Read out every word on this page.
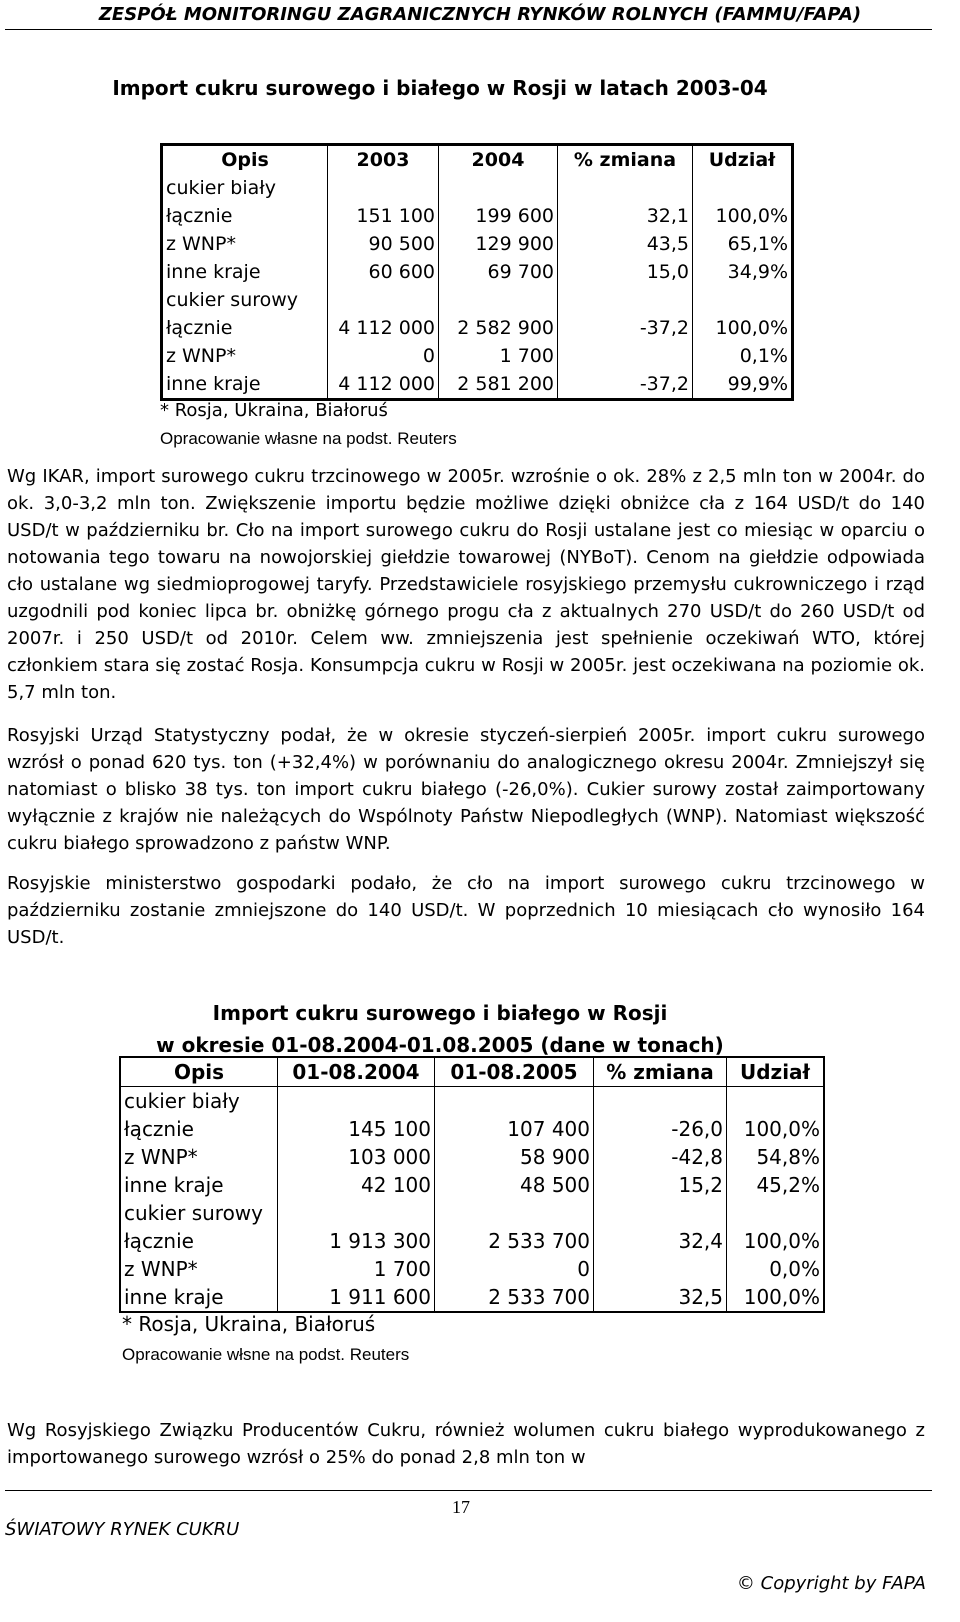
ZESPÓŁ MONITORINGU ZAGRANICZNYCH RYNKÓW ROLNYCH (FAMMU/FAPA)
Import cukru surowego i białego w Rosji w latach 2003-04
Opis	2003	2004	% zmiana	Udział
cukier biały				
łącznie	151 100	199 600	32,1	100,0%
z WNP*	90 500	129 900	43,5	65,1%
inne kraje	60 600	69 700	15,0	34,9%
cukier surowy				
łącznie	4 112 000	2 582 900	-37,2	100,0%
z WNP*	0	1 700		0,1%
inne kraje	4 112 000	2 581 200	-37,2	99,9%
* Rosja, Ukraina, Białoruś
Opracowanie własne na podst. Reuters
Wg IKAR, import surowego cukru trzcinowego w 2005r. wzrośnie o ok. 28% z 2,5 mln ton w 2004r. do ok. 3,0-3,2 mln ton. Zwiększenie importu będzie możliwe dzięki obniżce cła z 164 USD/t do 140 USD/t w październiku br. Cło na import surowego cukru do Rosji ustalane jest co miesiąc w oparciu o notowania tego towaru na nowojorskiej giełdzie towarowej (NYBoT). Cenom na giełdzie odpowiada cło ustalane wg siedmioprogowej taryfy. Przedstawiciele rosyjskiego przemysłu cukrowniczego i rząd uzgodnili pod koniec lipca br. obniżkę górnego progu cła z aktualnych 270 USD/t do 260 USD/t od 2007r. i 250 USD/t od 2010r. Celem ww. zmniejszenia jest spełnienie oczekiwań WTO, której członkiem stara się zostać Rosja. Konsumpcja cukru w Rosji w 2005r. jest oczekiwana na poziomie ok. 5,7 mln ton.
Rosyjski Urząd Statystyczny podał, że w okresie styczeń-sierpień 2005r. import cukru surowego wzrósł o ponad 620 tys. ton (+32,4%) w porównaniu do analogicznego okresu 2004r. Zmniejszył się natomiast o blisko 38 tys. ton import cukru białego (-26,0%). Cukier surowy został zaimportowany wyłącznie z krajów nie należących do Wspólnoty Państw Niepodległych (WNP). Natomiast większość cukru białego sprowadzono z państw WNP.
Rosyjskie ministerstwo gospodarki podało, że cło na import surowego cukru trzcinowego w październiku zostanie zmniejszone do 140 USD/t. W poprzednich 10 miesiącach cło wynosiło 164 USD/t.
Import cukru surowego i białego w Rosji
w okresie 01-08.2004-01.08.2005 (dane w tonach)
Opis	01-08.2004	01-08.2005	% zmiana	Udział
cukier biały				
łącznie	145 100	107 400	-26,0	100,0%
z WNP*	103 000	58 900	-42,8	54,8%
inne kraje	42 100	48 500	15,2	45,2%
cukier surowy				
łącznie	1 913 300	2 533 700	32,4	100,0%
z WNP*	1 700	0		0,0%
inne kraje	1 911 600	2 533 700	32,5	100,0%
* Rosja, Ukraina, Białoruś
Opracowanie włsne na podst. Reuters
Wg Rosyjskiego Związku Producentów Cukru, również wolumen cukru białego wyprodukowanego z importowanego surowego wzrósł o 25% do ponad 2,8 mln ton w
17
ŚWIATOWY RYNEK CUKRU
© Copyright by FAPA
